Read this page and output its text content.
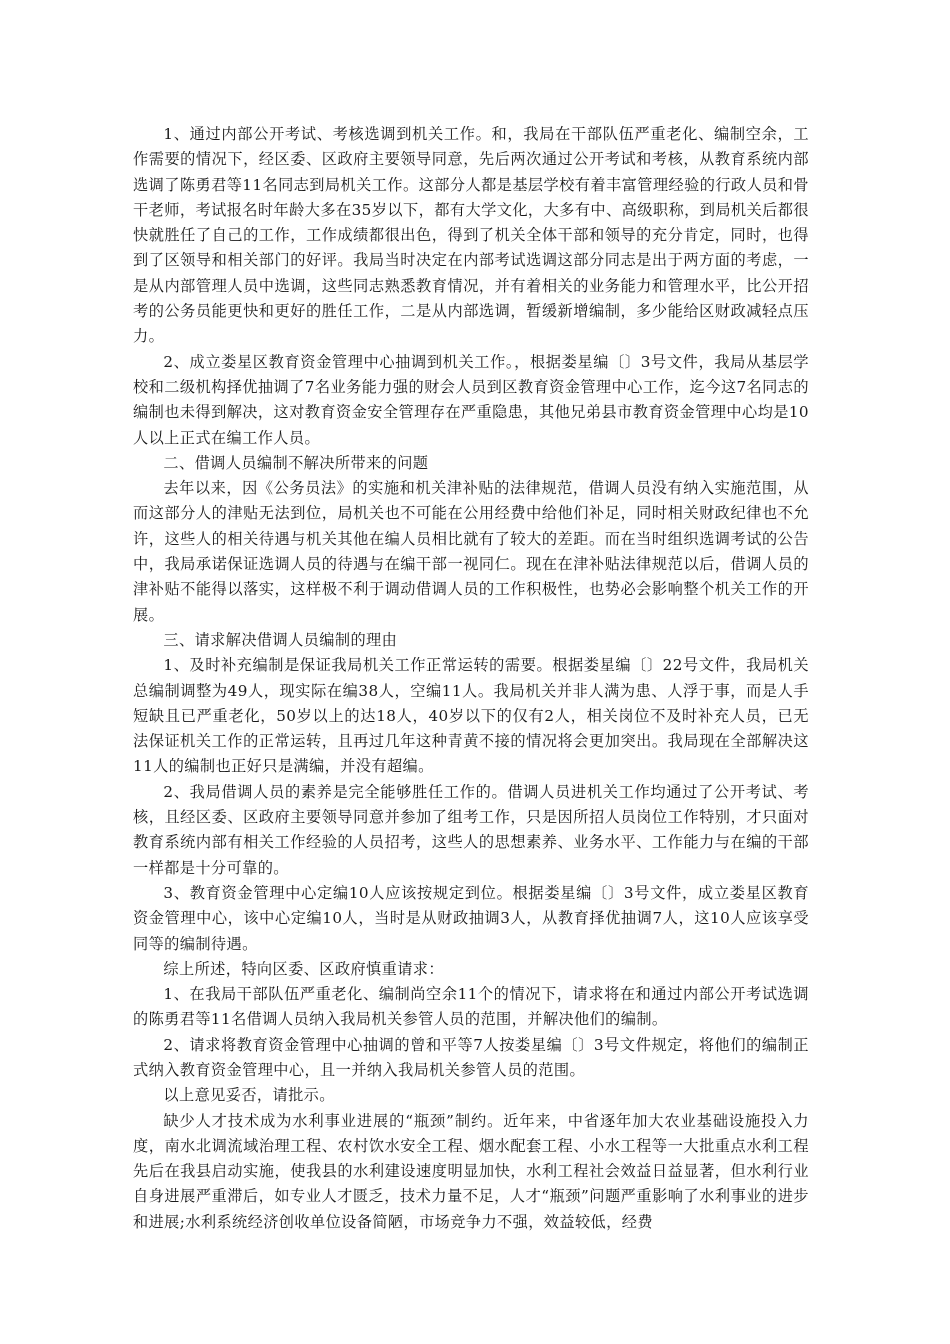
1、通过内部公开考试、考核选调到机关工作。和，我局在干部队伍严重老化、编制空余，工作需要的情况下，经区委、区政府主要领导同意，先后两次通过公开考试和考核，从教育系统内部选调了陈勇君等11名同志到局机关工作。这部分人都是基层学校有着丰富管理经验的行政人员和骨干老师，考试报名时年龄大多在35岁以下，都有大学文化，大多有中、高级职称，到局机关后都很快就胜任了自己的工作，工作成绩都很出色，得到了机关全体干部和领导的充分肯定，同时，也得到了区领导和相关部门的好评。我局当时决定在内部考试选调这部分同志是出于两方面的考虑，一是从内部管理人员中选调，这些同志熟悉教育情况，并有着相关的业务能力和管理水平，比公开招考的公务员能更快和更好的胜任工作，二是从内部选调，暂缓新增编制，多少能给区财政减轻点压力。

2、成立娄星区教育资金管理中心抽调到机关工作。，根据娄星编〔〕3号文件，我局从基层学校和二级机构择优抽调了7名业务能力强的财会人员到区教育资金管理中心工作，迄今这7名同志的编制也未得到解决，这对教育资金安全管理存在严重隐患，其他兄弟县市教育资金管理中心均是10人以上正式在编工作人员。

二、借调人员编制不解决所带来的问题

去年以来，因《公务员法》的实施和机关津补贴的法律规范，借调人员没有纳入实施范围，从而这部分人的津贴无法到位，局机关也不可能在公用经费中给他们补足，同时相关财政纪律也不允许，这些人的相关待遇与机关其他在编人员相比就有了较大的差距。而在当时组织选调考试的公告中，我局承诺保证选调人员的待遇与在编干部一视同仁。现在在津补贴法律规范以后，借调人员的津补贴不能得以落实，这样极不利于调动借调人员的工作积极性，也势必会影响整个机关工作的开展。

三、请求解决借调人员编制的理由

1、及时补充编制是保证我局机关工作正常运转的需要。根据娄星编〔〕22号文件，我局机关总编制调整为49人，现实际在编38人，空编11人。我局机关并非人满为患、人浮于事，而是人手短缺且已严重老化，50岁以上的达18人，40岁以下的仅有2人，相关岗位不及时补充人员，已无法保证机关工作的正常运转，且再过几年这种青黄不接的情况将会更加突出。我局现在全部解决这11人的编制也正好只是满编，并没有超编。

2、我局借调人员的素养是完全能够胜任工作的。借调人员进机关工作均通过了公开考试、考核，且经区委、区政府主要领导同意并参加了组考工作，只是因所招人员岗位工作特别，才只面对教育系统内部有相关工作经验的人员招考，这些人的思想素养、业务水平、工作能力与在编的干部一样都是十分可靠的。

3、教育资金管理中心定编10人应该按规定到位。根据娄星编〔〕3号文件，成立娄星区教育资金管理中心，该中心定编10人，当时是从财政抽调3人，从教育择优抽调7人，这10人应该享受同等的编制待遇。

综上所述，特向区委、区政府慎重请求：

1、在我局干部队伍严重老化、编制尚空余11个的情况下，请求将在和通过内部公开考试选调的陈勇君等11名借调人员纳入我局机关参管人员的范围，并解决他们的编制。

2、请求将教育资金管理中心抽调的曾和平等7人按娄星编〔〕3号文件规定，将他们的编制正式纳入教育资金管理中心，且一并纳入我局机关参管人员的范围。

以上意见妥否，请批示。

缺少人才技术成为水利事业进展的“瓶颈”制约。近年来，中省逐年加大农业基础设施投入力度，南水北调流域治理工程、农村饮水安全工程、烟水配套工程、小水工程等一大批重点水利工程先后在我县启动实施，使我县的水利建设速度明显加快，水利工程社会效益日益显著，但水利行业自身进展严重滞后，如专业人才匮乏，技术力量不足，人才“瓶颈”问题严重影响了水利事业的进步和进展;水利系统经济创收单位设备简陋，市场竞争力不强，效益较低，经费
